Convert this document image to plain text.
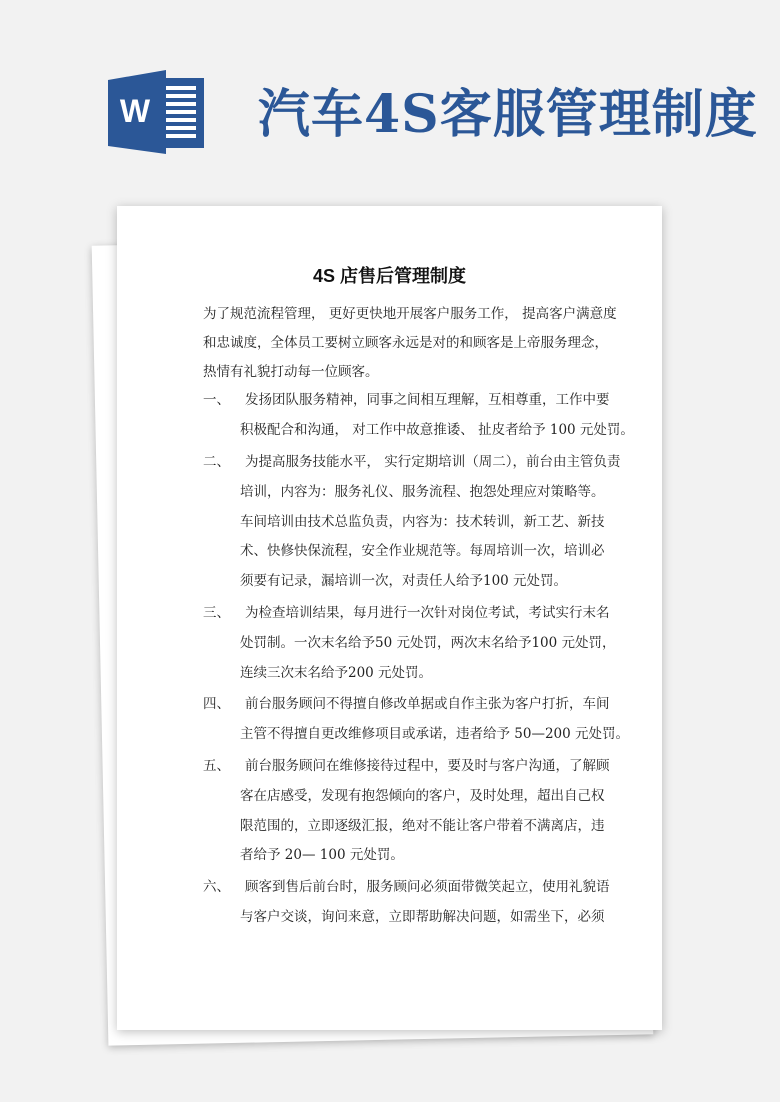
W 汽车4S客服管理制度
4S 店售后管理制度
为了规范流程管理， 更好更快地开展客户服务工作， 提高客户满意度
和忠诚度，全体员工要树立顾客永远是对的和顾客是上帝服务理念，
热情有礼貌打动每一位顾客。
一、 发扬团队服务精神，同事之间相互理解，互相尊重，工作中要
积极配合和沟通， 对工作中故意推诿、 扯皮者给予 100 元处罚。
二、 为提高服务技能水平， 实行定期培训（周二），前台由主管负责
培训，内容为：服务礼仪、服务流程、抱怨处理应对策略等。
车间培训由技术总监负责，内容为：技术转训，新工艺、新技
术、快修快保流程，安全作业规范等。每周培训一次，培训必
须要有记录，漏培训一次，对责任人给予100 元处罚。
三、 为检查培训结果，每月进行一次针对岗位考试，考试实行末名
处罚制。一次末名给予50 元处罚，两次末名给予100 元处罚，
连续三次末名给予200 元处罚。
四、 前台服务顾问不得擅自修改单据或自作主张为客户打折，车间
主管不得擅自更改维修项目或承诺，违者给予 50—200 元处罚。
五、 前台服务顾问在维修接待过程中，要及时与客户沟通，了解顾
客在店感受，发现有抱怨倾向的客户，及时处理，超出自己权
限范围的，立即逐级汇报，绝对不能让客户带着不满离店，违
者给予 20— 100 元处罚。
六、 顾客到售后前台时，服务顾问必须面带微笑起立，使用礼貌语
与客户交谈，询问来意，立即帮助解决问题，如需坐下，必须
